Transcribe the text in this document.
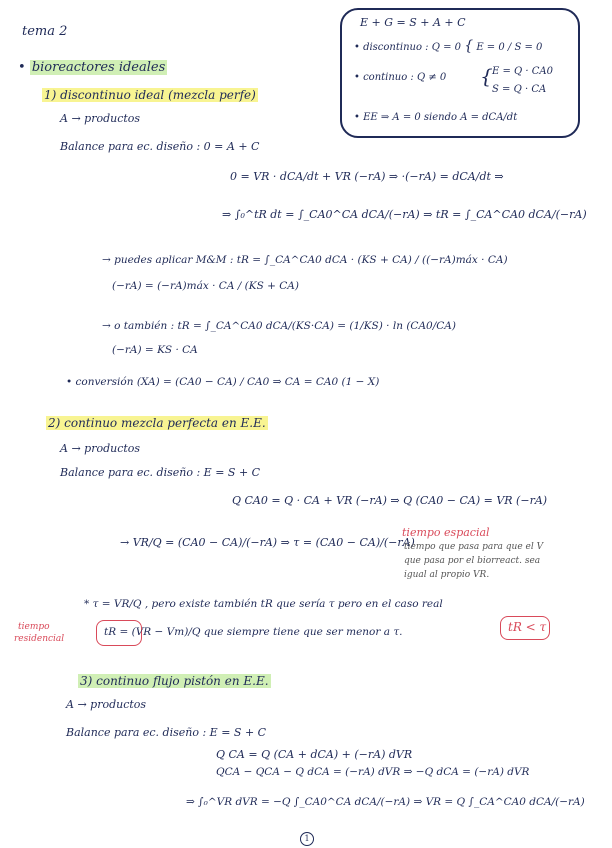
tema 2
• bioreactores ideales
E + G = S + A + C
• discontinuo : Q = 0 { E = 0 / S = 0
• continuo : Q ≠ 0 { E = Q · CA0
S = Q · CA
• EE ⇒ A = 0 siendo A = dCA/dt
1) discontinuo ideal (mezcla perfe)
A → productos
Balance para ec. diseño : 0 = A + C
0 = VR · dCA/dt + VR (−rA) ⇒ ·(−rA) = dCA/dt ⇒
⇒ ∫₀^tR dt = ∫_CA0^CA dCA/(−rA) ⇒ tR = ∫_CA^CA0 dCA/(−rA)
→ puedes aplicar M&M : tR = ∫_CA^CA0 dCA · (KS + CA) / ((−rA)máx · CA)
(−rA) = (−rA)máx · CA / (KS + CA)
→ o también : tR = ∫_CA^CA0 dCA/(KS·CA) = (1/KS) · ln (CA0/CA)
(−rA) = KS · CA
• conversión (XA) = (CA0 − CA) / CA0 ⇒ CA = CA0 (1 − X)
2) continuo mezcla perfecta en E.E.
A → productos
Balance para ec. diseño : E = S + C
Q CA0 = Q · CA + VR (−rA) ⇒ Q (CA0 − CA) = VR (−rA)
→ VR/Q = (CA0 − CA)/(−rA) ⇒ τ = (CA0 − CA)/(−rA)
tiempo espacial
tiempo que pasa para que el V
que pasa por el biorreact. sea
igual al propio VR.
* τ = VR/Q , pero existe también tR que sería τ pero en el caso real
tiempo
residencial
tR = (VR − Vm)/Q que siempre tiene que ser menor a τ.	tR < τ
3) continuo flujo pistón en E.E.
A → productos
Balance para ec. diseño : E = S + C
Q CA = Q (CA + dCA) + (−rA) dVR
QCA − QCA − Q dCA = (−rA) dVR ⇒ −Q dCA = (−rA) dVR
⇒ ∫₀^VR dVR = −Q ∫_CA0^CA dCA/(−rA) ⇒ VR = Q ∫_CA^CA0 dCA/(−rA)
1
